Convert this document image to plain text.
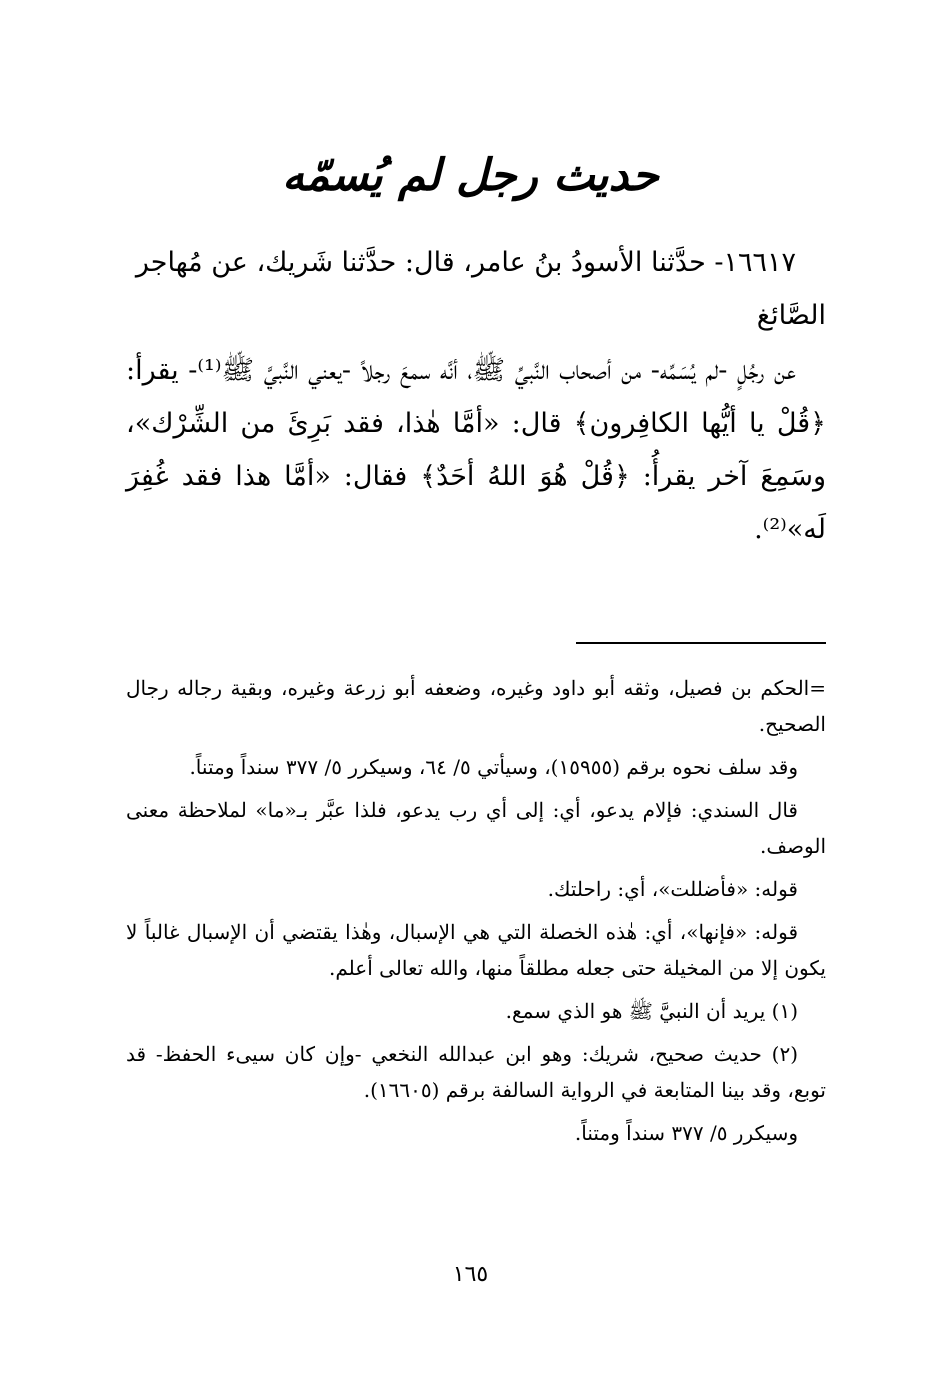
حديث رجل لم يُسمّه

١٦٦١٧- حدَّثنا الأسودُ بنُ عامر، قال: حدَّثنا شَريك، عن مُهاجر

الصَّائغ

عن رجُلٍ -لم يُسَمِّه- من أصحاب النَّبيِّ ﷺ، أنَّه سمعَ رجلاً -يعني النَّبيَّ ﷺ⁽¹⁾- يقرأ: ﴿قُلْ يا أيُّها الكافِرون﴾ قال: «أمَّا هٰذا، فقد بَرِئَ من الشِّرْك»، وسَمِعَ آخر يقرأُ: ﴿قُلْ هُوَ اللهُ أحَدٌ﴾ فقال: «أمَّا هذا فقد غُفِرَ لَه»⁽²⁾.

=الحكم بن فصيل، وثقه أبو داود وغيره، وضعفه أبو زرعة وغيره، وبقية رجاله رجال الصحيح.

وقد سلف نحوه برقم (١٥٩٥٥)، وسيأتي ٥/ ٦٤، وسيكرر ٥/ ٣٧٧ سنداً ومتناً.

قال السندي: فإلام يدعو، أي: إلى أي رب يدعو، فلذا عبَّر بـ«ما» لملاحظة معنى الوصف.

قوله: «فأضللت»، أي: راحلتك.

قوله: «فإنها»، أي: هٰذه الخصلة التي هي الإسبال، وهٰذا يقتضي أن الإسبال غالباً لا يكون إلا من المخيلة حتى جعله مطلقاً منها، والله تعالى أعلم.

(١) يريد أن النبيَّ ﷺ هو الذي سمع.

(٢) حديث صحيح، شريك: وهو ابن عبدالله النخعي -وإن كان سيىء الحفظ- قد توبع، وقد بينا المتابعة في الرواية السالفة برقم (١٦٦٠٥).

وسيكرر ٥/ ٣٧٧ سنداً ومتناً.

١٦٥
